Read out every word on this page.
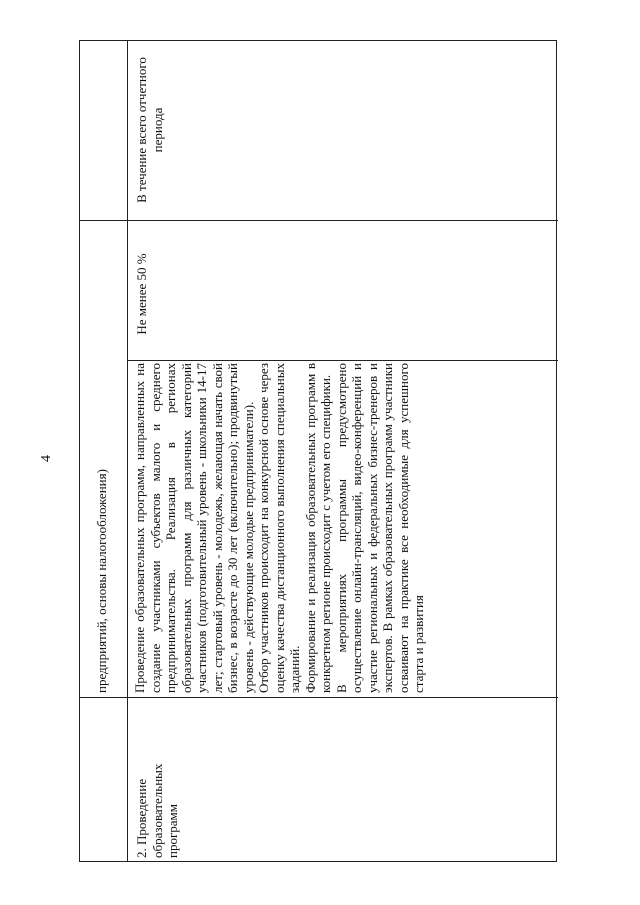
4
предприятий, основы налогообложения)
2. Проведение образовательных программ

Проведение образовательных программ, направленных на создание участниками субъектов малого и среднего предпринимательства. Реализация в регионах образовательных программ для различных категорий участников (подготовительный уровень - школьники 14-17 лет; стартовый уровень - молодежь, желающая начать свой бизнес, в возрасте до 30 лет (включительно); продвинутый уровень - действующие молодые предприниматели). Отбор участников происходит на конкурсной основе через оценку качества дистанционного выполнения специальных заданий. Формирование и реализация образовательных программ в конкретном регионе происходит с учетом его специфики. В мероприятиях программы предусмотрено осуществление онлайн-трансляций, видео-конференций и участие региональных и федеральных бизнес-тренеров и экспертов. В рамках образовательных программ участники осваивают на практике все необходимые для успешного старта и развития

Не менее 50 %
В течение всего отчетного периода
